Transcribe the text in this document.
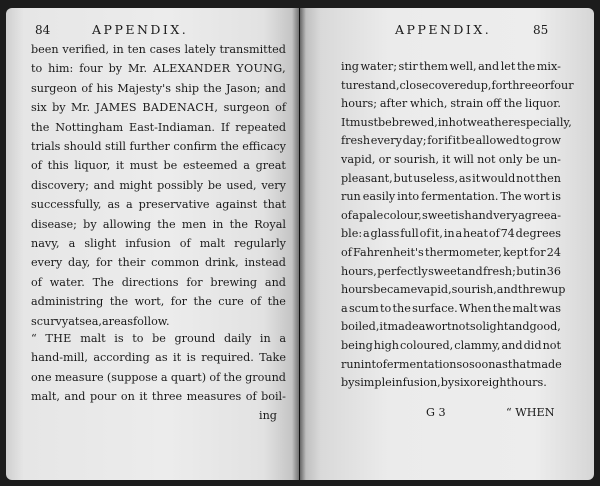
84	APPENDIX.
been verified, in ten cases lately transmitted
to him: four by Mr. ALEXANDER YOUNG,
surgeon of his Majesty's ship the Jason; and
six by Mr. JAMES BADENACH, surgeon of
the Nottingham East-Indiaman. If repeated
trials should still further confirm the efficacy
of this liquor, it must be esteemed a great
discovery; and might possibly be used, very
successfully, as a preservative against that
disease; by allowing the men in the Royal
navy, a slight infusion of malt regularly
every day, for their common drink, instead
of water. The directions for brewing and
administring the wort, for the cure of the
scurvy at sea, are as follow.
“ THE malt is to be ground daily in a
hand-mill, according as it is required. Take
one measure (suppose a quart) of the ground
malt, and pour on it three measures of boil-
ing
APPENDIX.	85
ing water; stir them well, and let the mix-
ture stand, close covered up, for three or four
hours; after which, strain off the liquor.
It must be brewed, in hot weather especially,
fresh every day; for if it be allowed to grow
vapid, or sourish, it will not only be un-
pleasant, but useless, as it would not then
run easily into fermentation. The wort is
of a pale colour, sweetish and very agreea-
ble: a glass full of it, in a heat of 74 degrees
of Fahrenheit's thermometer, kept for 24
hours, perfectly sweet and fresh; but in 36
hours became vapid, sourish, and threw up
a scum to the surface. When the malt was
boiled, it made a wort not so light and good,
being high coloured, clammy, and did not
run into fermentation so soon as that made
by simple infusion, by six or eight hours.
G 3	“ WHEN
